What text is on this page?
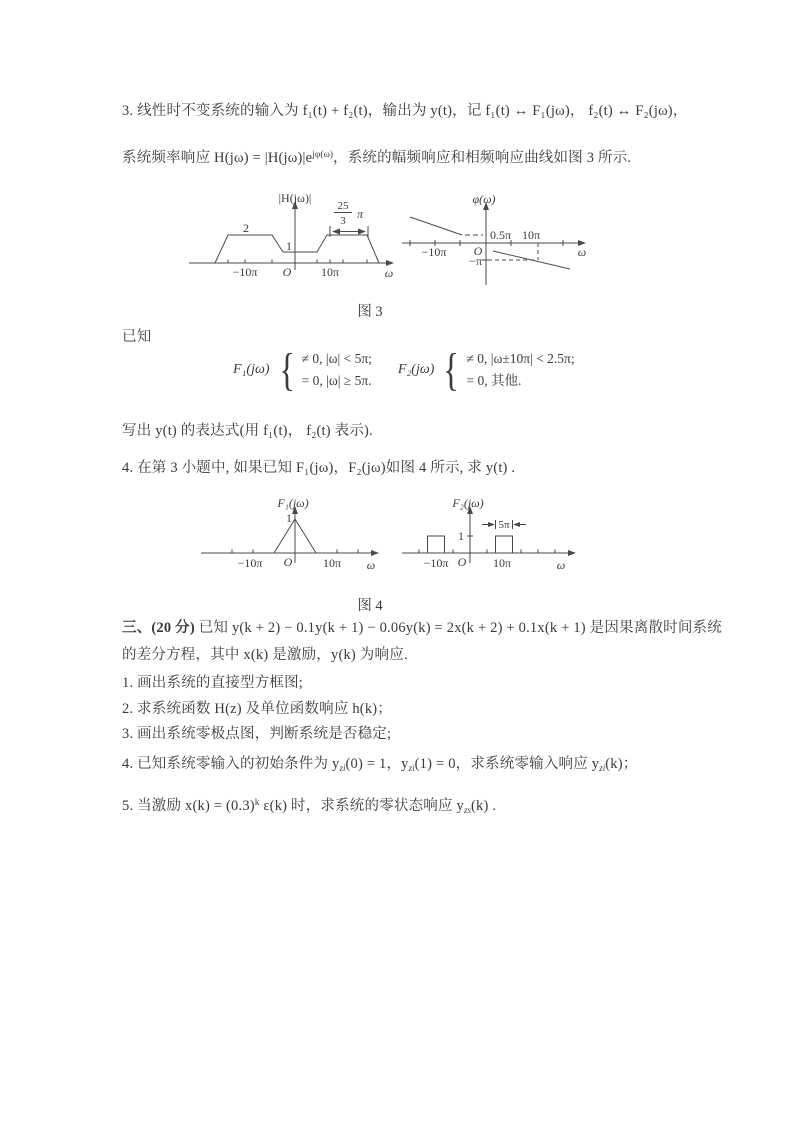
3. 线性时不变系统的输入为 f₁(t) + f₂(t)，输出为 y(t)，记 f₁(t) ↔ F₁(jω)， f₂(t) ↔ F₂(jω)，
系统频率响应 $H(j\omega) = |H(j\omega)|e^{j\varphi(\omega)}$，系统的幅频响应和相频响应曲线如图 3 所示.
25
3 π
|H(jω)|
2
1
−10π O 10π	ω
φ(ω)
0.5π 10π
−10π O
−π
ω
图 3
已知
F₁(jω) { ≠ 0, |ω| < 5π;
= 0, |ω| ≥ 5π.
F₂(jω) { ≠ 0, |ω±10π| < 2.5π;
= 0, 其他.
写出 y(t) 的表达式(用 f₁(t)， f₂(t) 表示).
4. 在第 3 小题中, 如果已知 F₁(jω)，F₂(jω)如图 4 所示, 求 y(t) .
F₁(jω)
1
−10π O	10π ω
5π
F₂(jω)
1
−10π O 10π	ω
图 4
三、(20 分) 已知 y(k + 2) − 0.1y(k + 1) − 0.06y(k) = 2x(k + 2) + 0.1x(k + 1) 是因果离散时间系统
的差分方程，其中 x(k) 是激励，y(k) 为响应.
1. 画出系统的直接型方框图;
2. 求系统函数 H(z) 及单位函数响应 h(k)；
3. 画出系统零极点图，判断系统是否稳定;
4. 已知系统零输入的初始条件为 $y_{zi}(0) = 1$，$y_{zi}(1) = 0$，求系统零输入响应 $y_{zi}(k)$；
5. 当激励 $x(k) = (0.3)^k$ ε(k) 时，求系统的零状态响应 $y_{zs}(k)$ .
